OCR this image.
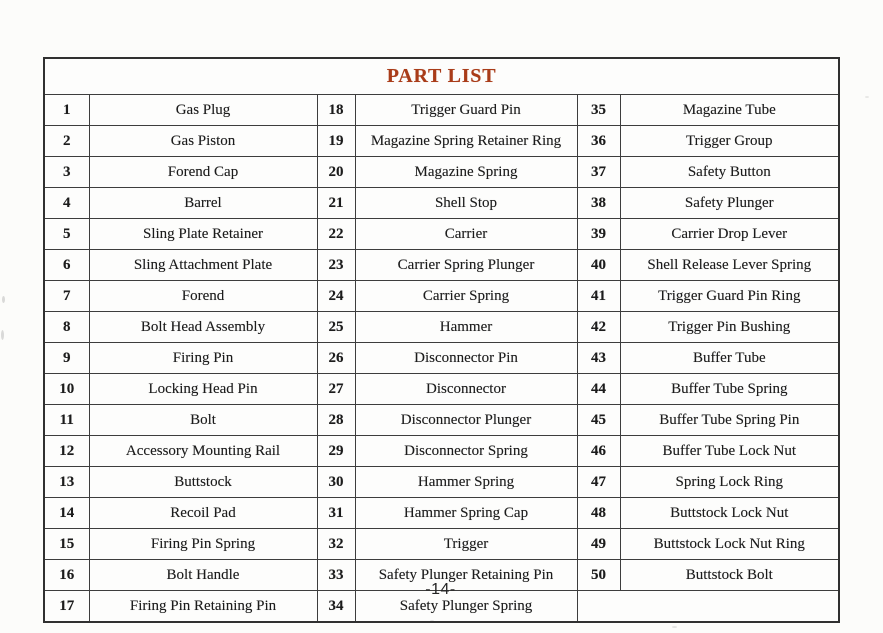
PART LIST					
1	Gas Plug	18	Trigger Guard Pin	35	Magazine Tube
2	Gas Piston	19	Magazine Spring Retainer Ring	36	Trigger Group
3	Forend Cap	20	Magazine Spring	37	Safety Button
4	Barrel	21	Shell Stop	38	Safety Plunger
5	Sling Plate Retainer	22	Carrier	39	Carrier Drop Lever
6	Sling Attachment Plate	23	Carrier Spring Plunger	40	Shell Release Lever Spring
7	Forend	24	Carrier Spring	41	Trigger Guard Pin Ring
8	Bolt Head Assembly	25	Hammer	42	Trigger Pin Bushing
9	Firing Pin	26	Disconnector Pin	43	Buffer Tube
10	Locking Head Pin	27	Disconnector	44	Buffer Tube Spring
11	Bolt	28	Disconnector Plunger	45	Buffer Tube Spring Pin
12	Accessory Mounting Rail	29	Disconnector Spring	46	Buffer Tube Lock Nut
13	Buttstock	30	Hammer Spring	47	Spring Lock Ring
14	Recoil Pad	31	Hammer Spring Cap	48	Buttstock Lock Nut
15	Firing Pin Spring	32	Trigger	49	Buttstock Lock Nut Ring
16	Bolt Handle	33	Safety Plunger Retaining Pin	50	Buttstock Bolt
17	Firing Pin Retaining Pin	34	Safety Plunger Spring		
-14-
